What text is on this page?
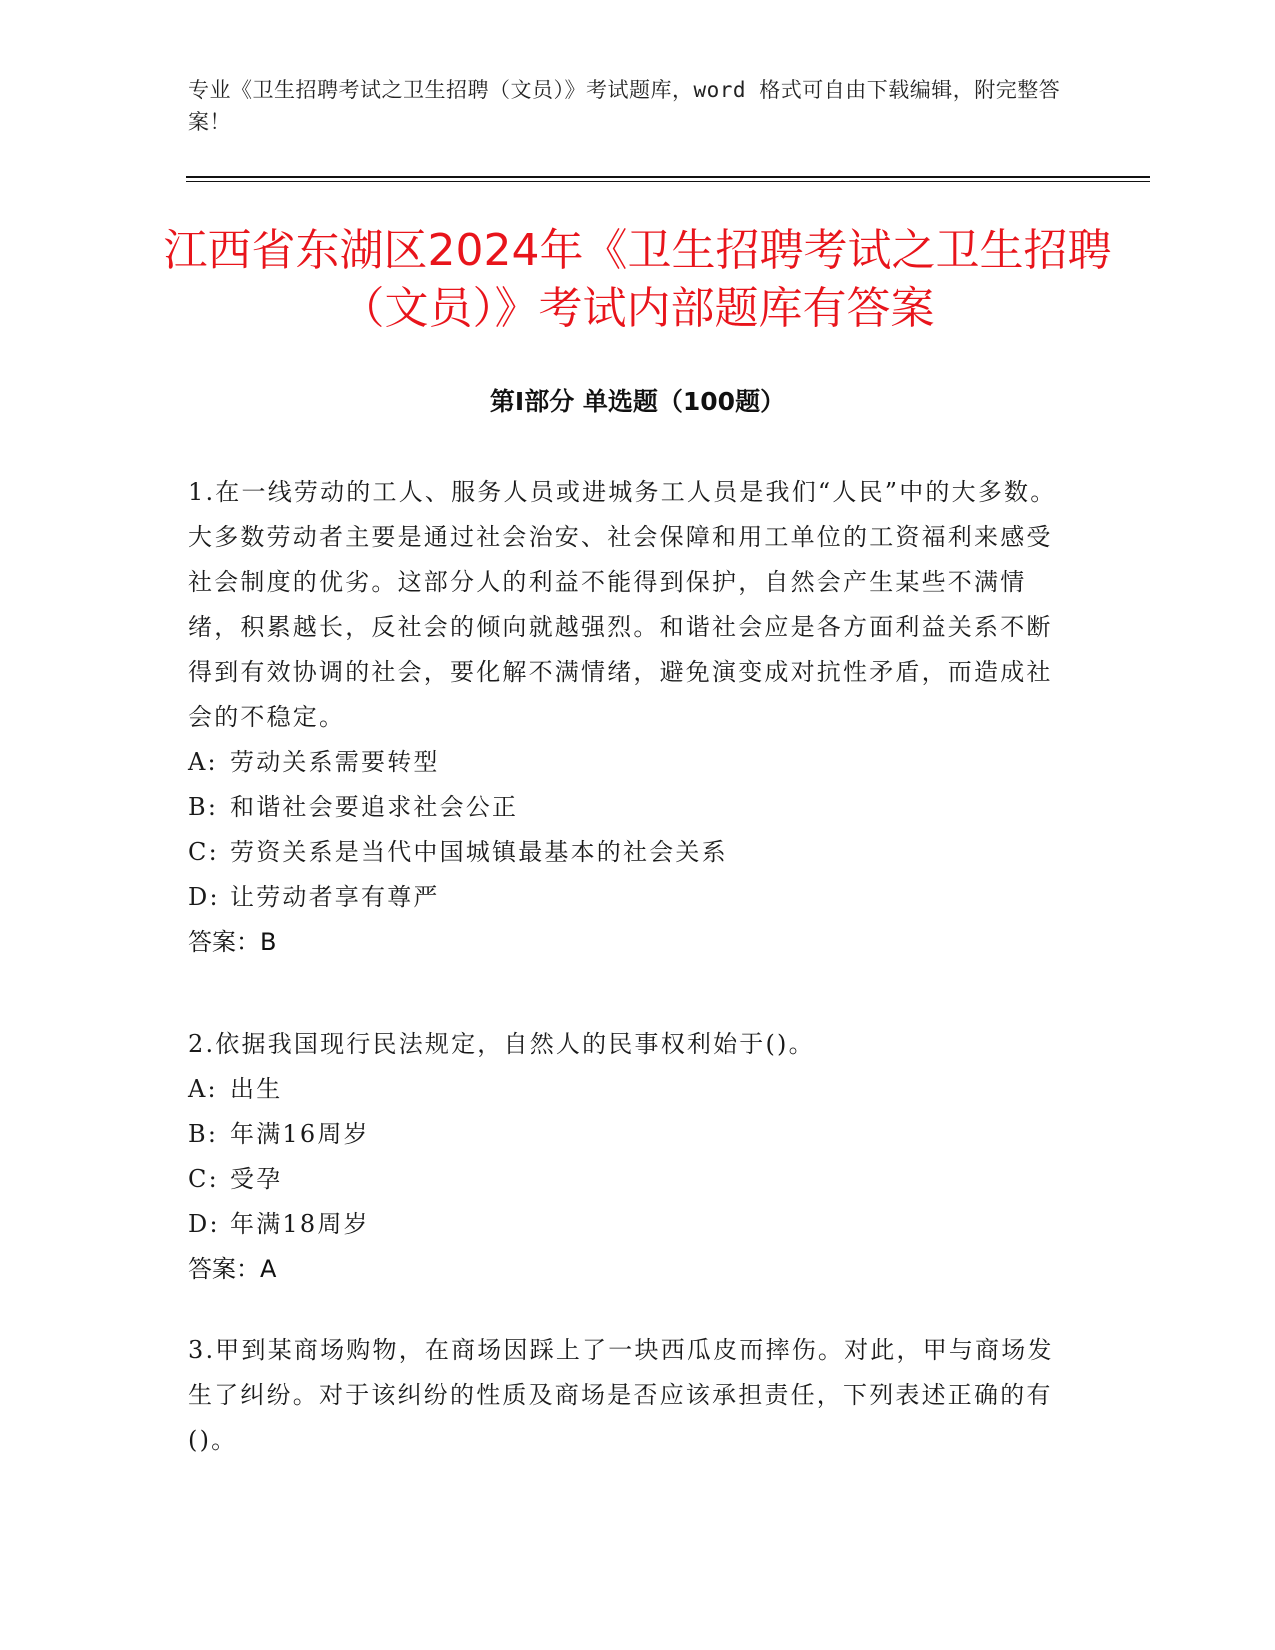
专业《卫生招聘考试之卫生招聘（文员）》考试题库，word 格式可自由下载编辑，附完整答案！
江西省东湖区2024年《卫生招聘考试之卫生招聘（文员）》考试内部题库有答案
第Ⅰ部分 单选题（100题）

1.在一线劳动的工人、服务人员或进城务工人员是我们“人民”中的大多数。大多数劳动者主要是通过社会治安、社会保障和用工单位的工资福利来感受社会制度的优劣。这部分人的利益不能得到保护，自然会产生某些不满情绪，积累越长，反社会的倾向就越强烈。和谐社会应是各方面利益关系不断得到有效协调的社会，要化解不满情绪，避免演变成对抗性矛盾，而造成社会的不稳定。

A: 劳动关系需要转型

B: 和谐社会要追求社会公正

C: 劳资关系是当代中国城镇最基本的社会关系

D: 让劳动者享有尊严

答案：B

2.依据我国现行民法规定，自然人的民事权利始于()。

A: 出生

B: 年满16周岁

C: 受孕

D: 年满18周岁

答案：A

3.甲到某商场购物，在商场因踩上了一块西瓜皮而摔伤。对此，甲与商场发生了纠纷。对于该纠纷的性质及商场是否应该承担责任，下列表述正确的有()。
